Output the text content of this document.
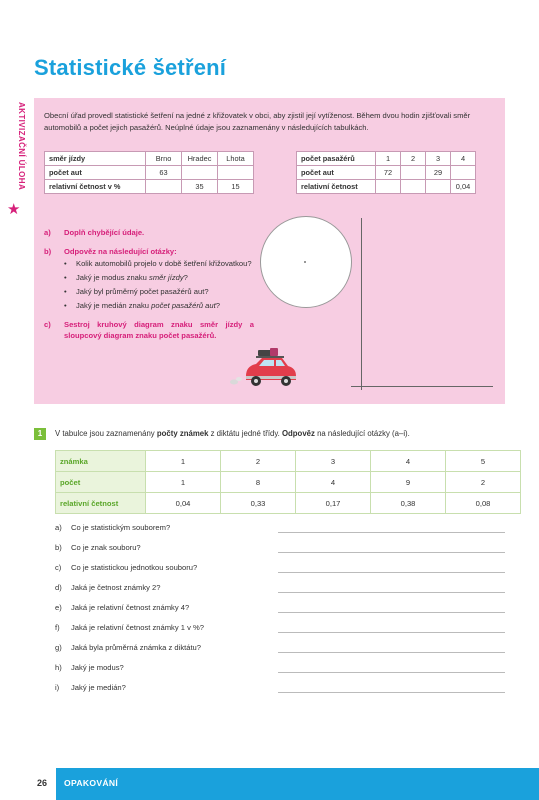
Statistické šetření
AKTIVIZAČNÍ ÚLOHA
★
Obecní úřad provedl statistické šetření na jedné z křižovatek v obci, aby zjistil její vytíženost. Během dvou hodin zjišťovali směr automobilů a počet jejich pasažérů. Neúplné údaje jsou zaznamenány v následujících tabulkách.
směr jízdy	Brno	Hradec	Lhota
počet aut	63		
relativní četnost v %		35	15
počet pasažérů	1	2	3	4
počet aut	72		29	
relativní četnost				0,04
a) Doplň chybějící údaje.
b) Odpověz na následující otázky:
• Kolik automobilů projelo v době šetření křižovatkou?
• Jaký je modus znaku směr jízdy?
• Jaký byl průměrný počet pasažérů aut?
• Jaký je medián znaku počet pasažérů aut?
c) Sestroj kruhový diagram znaku směr jízdy a sloupcový diagram znaku počet pasažérů.
1	V tabulce jsou zaznamenány počty známek z diktátu jedné třídy. Odpověz na následující otázky (a–i).
známka	1	2	3	4	5
počet	1	8	4	9	2
relativní četnost	0,04	0,33	0,17	0,38	0,08
a) Co je statistickým souborem?
b) Co je znak souboru?
c) Co je statistickou jednotkou souboru?
d) Jaká je četnost známky 2?
e) Jaká je relativní četnost známky 4?
f) Jaká je relativní četnost známky 1 v %?
g) Jaká byla průměrná známka z diktátu?
h) Jaký je modus?
i) Jaký je medián?
26 OPAKOVÁNÍ
